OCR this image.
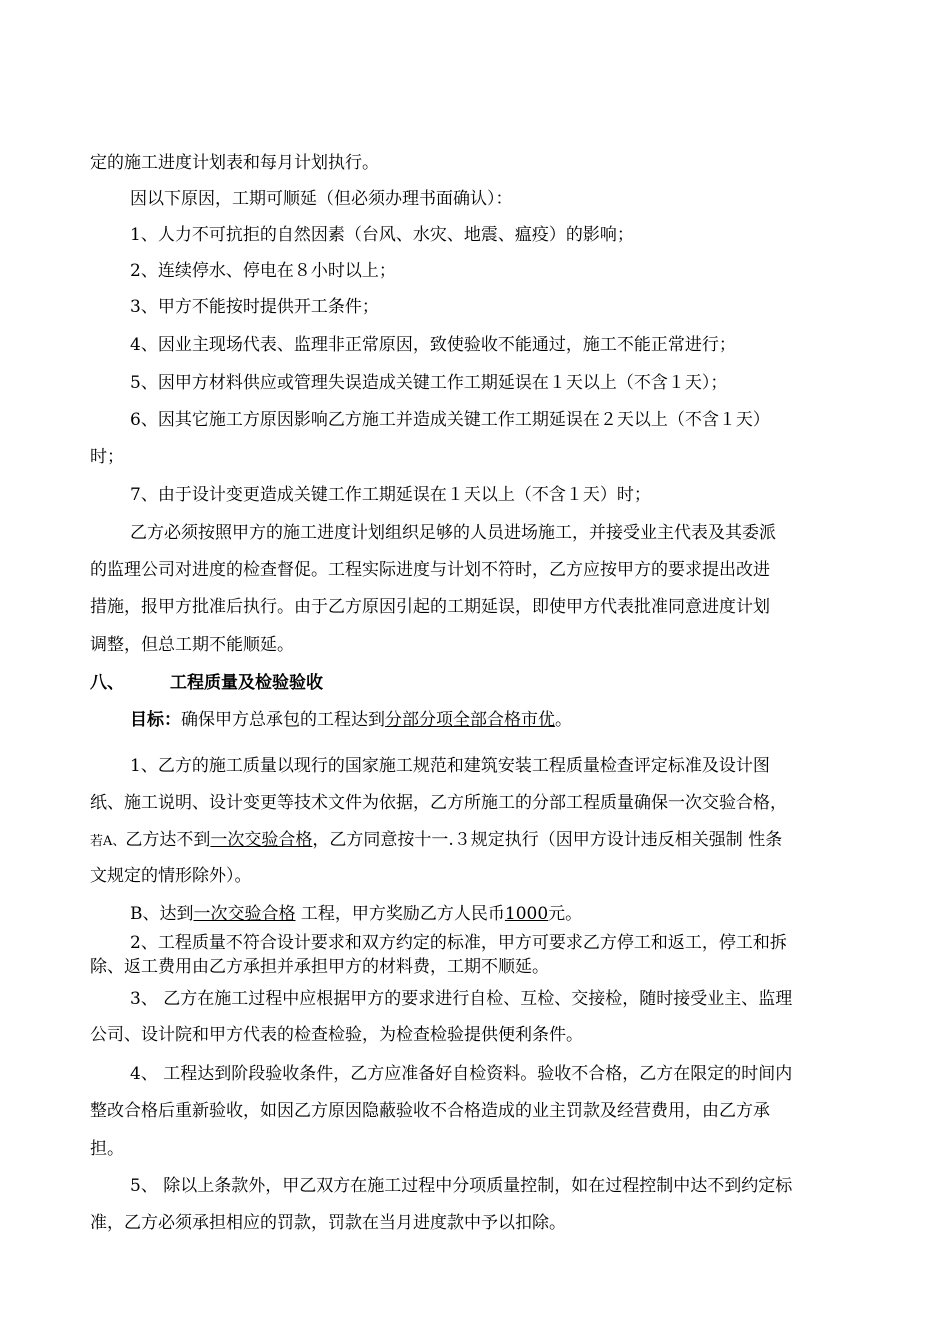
定的施工进度计划表和每月计划执行。
因以下原因，工期可顺延（但必须办理书面确认）：
1、人力不可抗拒的自然因素（台风、水灾、地震、瘟疫）的影响；
2、连续停水、停电在８小时以上；
3、甲方不能按时提供开工条件；
4、因业主现场代表、监理非正常原因，致使验收不能通过，施工不能正常进行；
5、因甲方材料供应或管理失误造成关键工作工期延误在１天以上（不含１天）；
6、因其它施工方原因影响乙方施工并造成关键工作工期延误在２天以上（不含１天）
时；
7、由于设计变更造成关键工作工期延误在１天以上（不含１天）时；
乙方必须按照甲方的施工进度计划组织足够的人员进场施工，并接受业主代表及其委派
的监理公司对进度的检查督促。工程实际进度与计划不符时，乙方应按甲方的要求提出改进
措施，报甲方批准后执行。由于乙方原因引起的工期延误，即使甲方代表批准同意进度计划
调整，但总工期不能顺延。
八、	工程质量及检验验收
目标：确保甲方总承包的工程达到分部分项全部合格市优。
1、乙方的施工质量以现行的国家施工规范和建筑安装工程质量检查评定标准及设计图
纸、施工说明、设计变更等技术文件为依据，乙方所施工的分部工程质量确保一次交验合格，
若A、乙方达不到一次交验合格，乙方同意按十一.３规定执行（因甲方设计违反相关强制 性条
文规定的情形除外）。
B、达到一次交验合格 工程，甲方奖励乙方人民币1000元。
2、工程质量不符合设计要求和双方约定的标准，甲方可要求乙方停工和返工，停工和拆
除、返工费用由乙方承担并承担甲方的材料费，工期不顺延。
3、 乙方在施工过程中应根据甲方的要求进行自检、互检、交接检，随时接受业主、监理
公司、设计院和甲方代表的检查检验，为检查检验提供便利条件。
4、 工程达到阶段验收条件，乙方应准备好自检资料。验收不合格，乙方在限定的时间内
整改合格后重新验收，如因乙方原因隐蔽验收不合格造成的业主罚款及经营费用，由乙方承
担。
5、 除以上条款外，甲乙双方在施工过程中分项质量控制，如在过程控制中达不到约定标
准，乙方必须承担相应的罚款，罚款在当月进度款中予以扣除。
